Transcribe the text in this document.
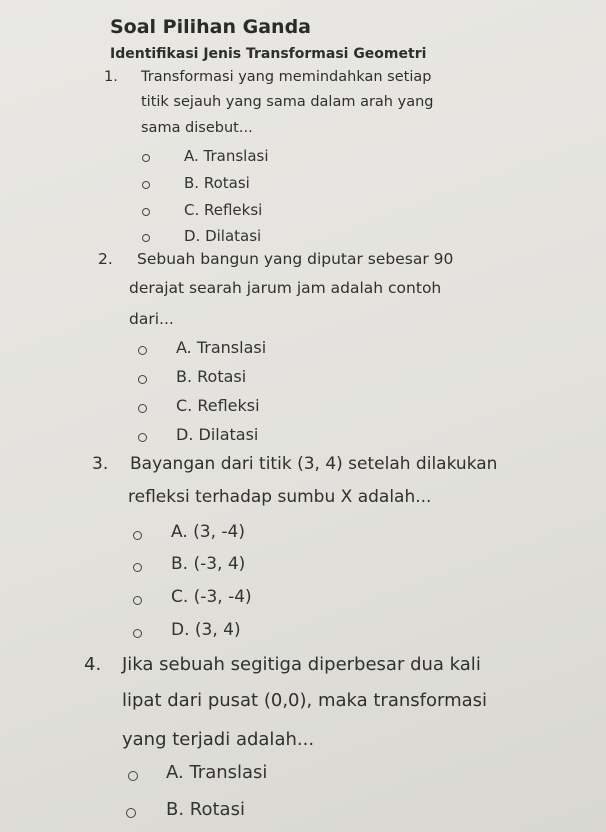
Soal Pilihan Ganda
Identifikasi Jenis Transformasi Geometri
1. Transformasi yang memindahkan setiap
titik sejauh yang sama dalam arah yang
sama disebut...
A. Translasi
B. Rotasi
C. Refleksi
D. Dilatasi
2. Sebuah bangun yang diputar sebesar 90
derajat searah jarum jam adalah contoh
dari...
A. Translasi
B. Rotasi
C. Refleksi
D. Dilatasi
3. Bayangan dari titik (3, 4) setelah dilakukan
refleksi terhadap sumbu X adalah...
A. (3, -4)
B. (-3, 4)
C. (-3, -4)
D. (3, 4)
4. Jika sebuah segitiga diperbesar dua kali
lipat dari pusat (0,0), maka transformasi
yang terjadi adalah...
A. Translasi
B. Rotasi
